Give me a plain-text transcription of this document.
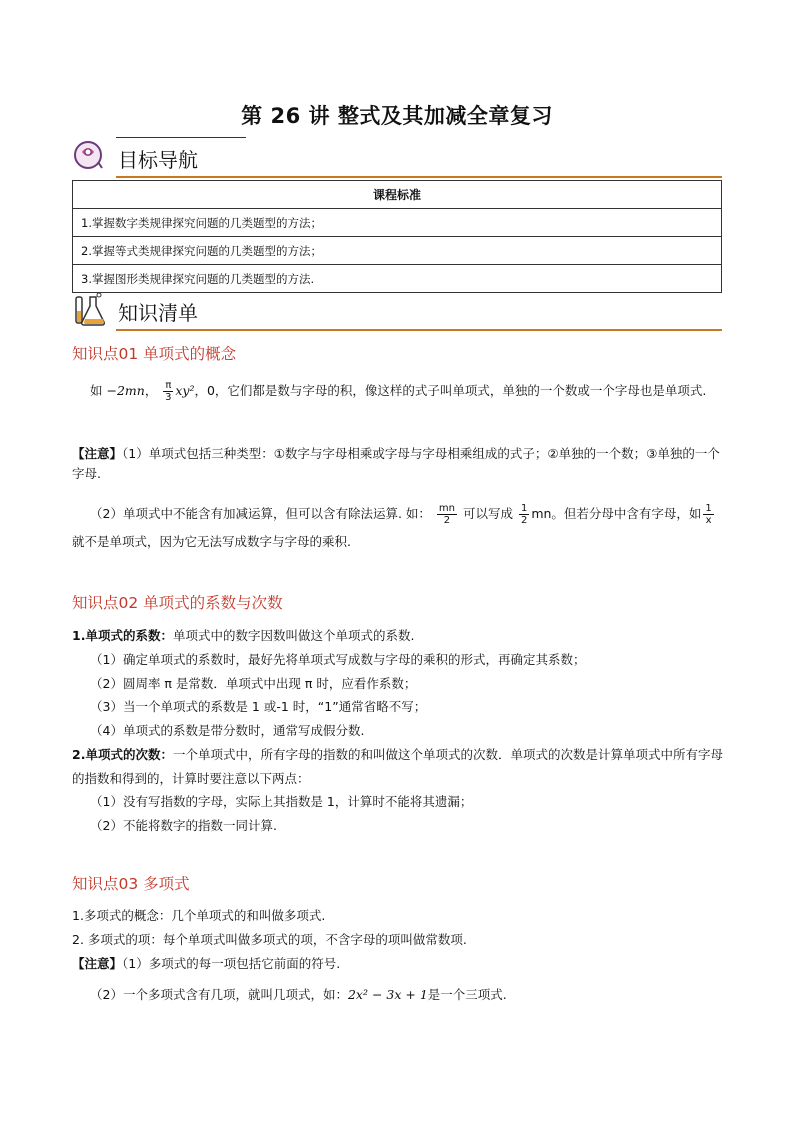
第 26 讲 整式及其加减全章复习
目标导航
课程标准
1.掌握数字类规律探究问题的几类题型的方法；
2.掌握等式类规律探究问题的几类题型的方法；
3.掌握图形类规律探究问题的几类题型的方法.
知识清单
知识点01 单项式的概念
如 −2mn， $\frac{\pi}{3} xy^2$，0，它们都是数与字母的积，像这样的式子叫单项式，单独的一个数或一个字母也是单项式.
【注意】（1）单项式包括三种类型：①数字与字母相乘或字母与字母相乘组成的式子；②单独的一个数；③单独的一个字母.
（2）单项式中不能含有加减运算，但可以含有除法运算. 如： $\frac{mn}{2}$ 可以写成 $\frac{1}{2}$ mn。但若分母中含有字母，如 $\frac{1}{x}$
就不是单项式，因为它无法写成数字与字母的乘积.
知识点02 单项式的系数与次数
1.单项式的系数：单项式中的数字因数叫做这个单项式的系数.
（1）确定单项式的系数时，最好先将单项式写成数与字母的乘积的形式，再确定其系数；
（2）圆周率 π 是常数．单项式中出现 π 时，应看作系数；
（3）当一个单项式的系数是 1 或-1 时，“1”通常省略不写；
（4）单项式的系数是带分数时，通常写成假分数.
2.单项式的次数：一个单项式中，所有字母的指数的和叫做这个单项式的次数．单项式的次数是计算单项式中所有字母的指数和得到的，计算时要注意以下两点：
（1）没有写指数的字母，实际上其指数是 1，计算时不能将其遗漏；
（2）不能将数字的指数一同计算.
知识点03 多项式
1.多项式的概念：几个单项式的和叫做多项式.
2. 多项式的项：每个单项式叫做多项式的项，不含字母的项叫做常数项.
【注意】（1）多项式的每一项包括它前面的符号.
（2）一个多项式含有几项，就叫几项式，如：2x² − 3x + 1是一个三项式.
